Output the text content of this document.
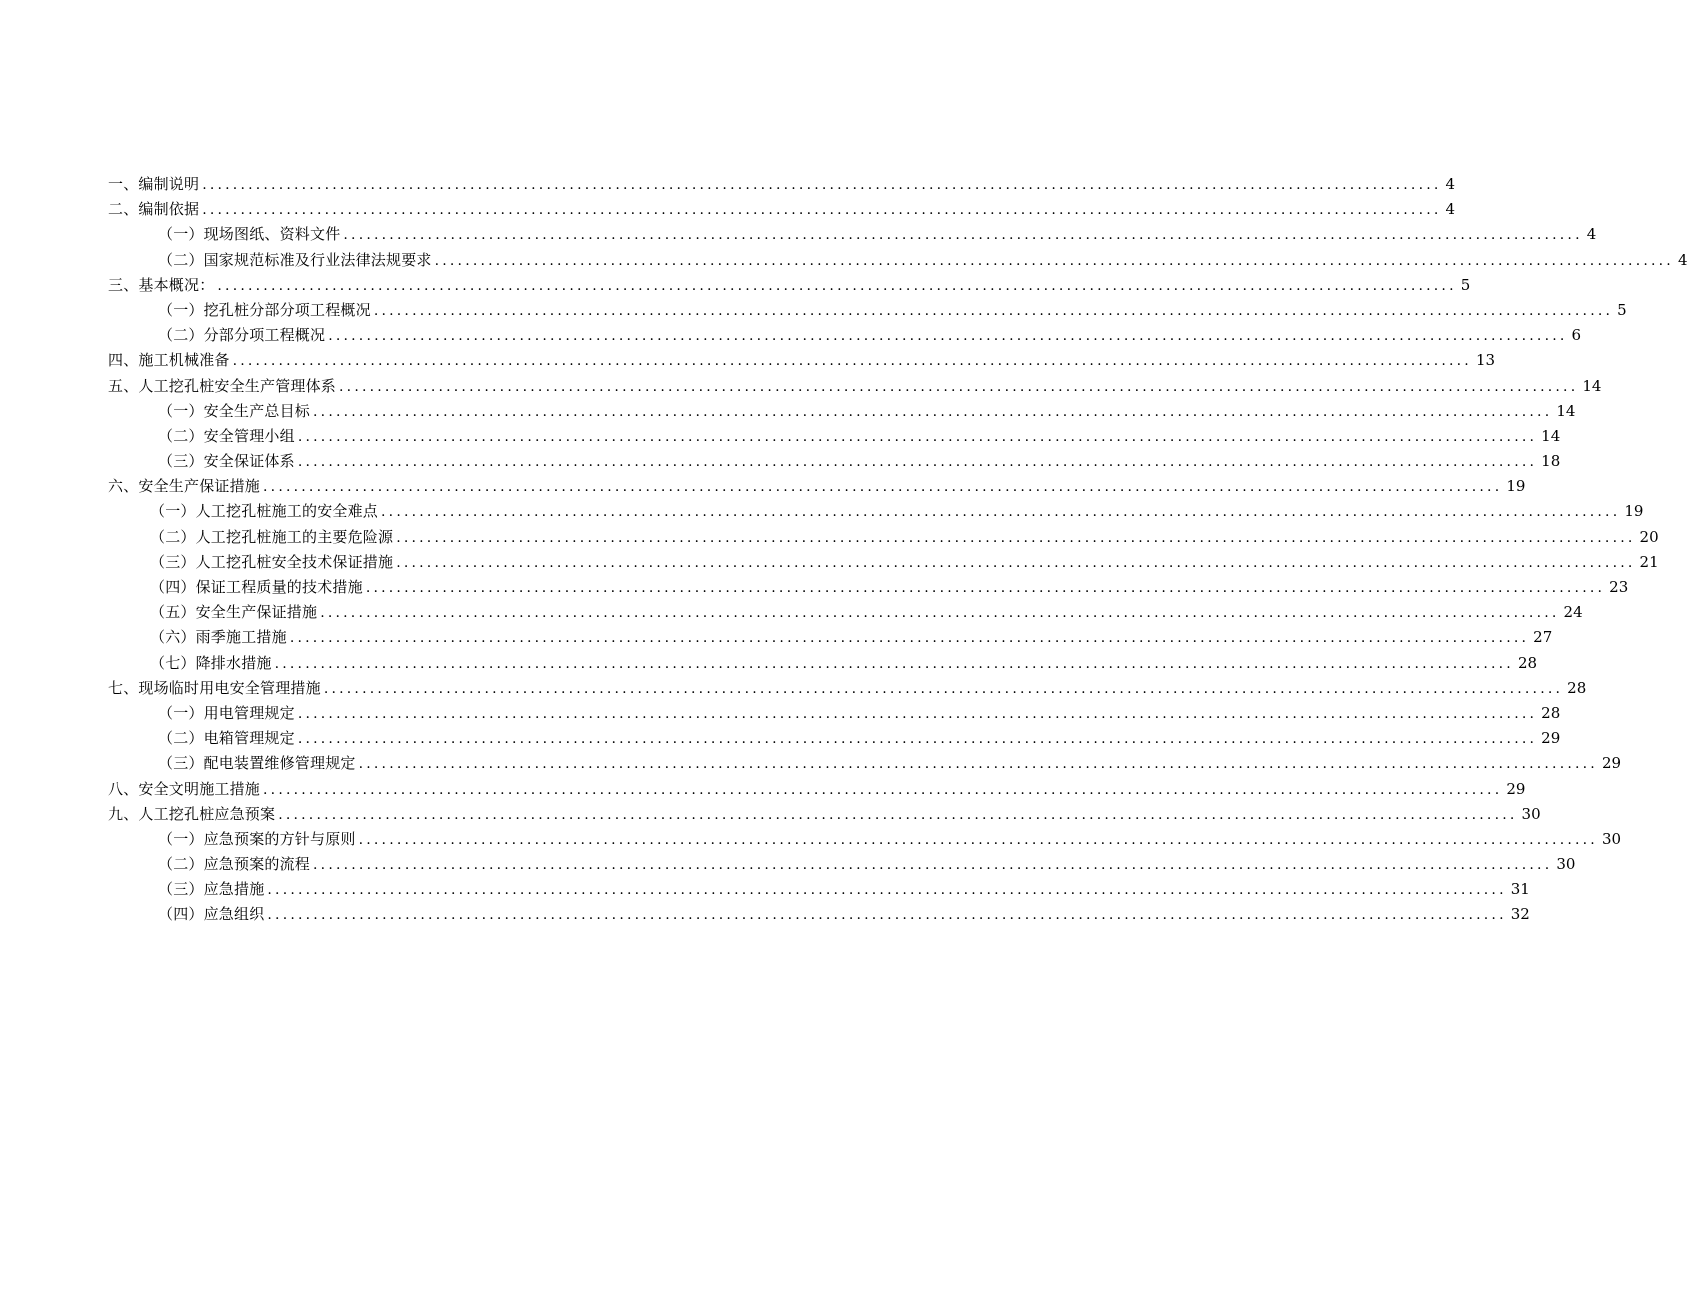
一、编制说明 .................................................................................................................................................................. 4
二、编制依据 .................................................................................................................................................................. 4
（一）现场图纸、资料文件 .................................................................................................................................................................. 4
（二）国家规范标准及行业法律法规要求 .................................................................................................................................................................. 4
三、基本概况： .................................................................................................................................................................. 5
（一）挖孔桩分部分项工程概况 .................................................................................................................................................................. 5
（二）分部分项工程概况 .................................................................................................................................................................. 6
四、施工机械准备 .................................................................................................................................................................. 13
五、人工挖孔桩安全生产管理体系 .................................................................................................................................................................. 14
（一）安全生产总目标 .................................................................................................................................................................. 14
（二）安全管理小组 .................................................................................................................................................................. 14
（三）安全保证体系 .................................................................................................................................................................. 18
六、安全生产保证措施 .................................................................................................................................................................. 19
（一）人工挖孔桩施工的安全难点 .................................................................................................................................................................. 19
（二）人工挖孔桩施工的主要危险源 .................................................................................................................................................................. 20
（三）人工挖孔桩安全技术保证措施 .................................................................................................................................................................. 21
（四）保证工程质量的技术措施 .................................................................................................................................................................. 23
（五）安全生产保证措施 .................................................................................................................................................................. 24
（六）雨季施工措施 .................................................................................................................................................................. 27
（七）降排水措施 .................................................................................................................................................................. 28
七、现场临时用电安全管理措施 .................................................................................................................................................................. 28
（一）用电管理规定 .................................................................................................................................................................. 28
（二）电箱管理规定 .................................................................................................................................................................. 29
（三）配电装置维修管理规定 .................................................................................................................................................................. 29
八、安全文明施工措施 .................................................................................................................................................................. 29
九、人工挖孔桩应急预案 .................................................................................................................................................................. 30
（一）应急预案的方针与原则 .................................................................................................................................................................. 30
（二）应急预案的流程 .................................................................................................................................................................. 30
（三）应急措施 .................................................................................................................................................................. 31
（四）应急组织 .................................................................................................................................................................. 32
